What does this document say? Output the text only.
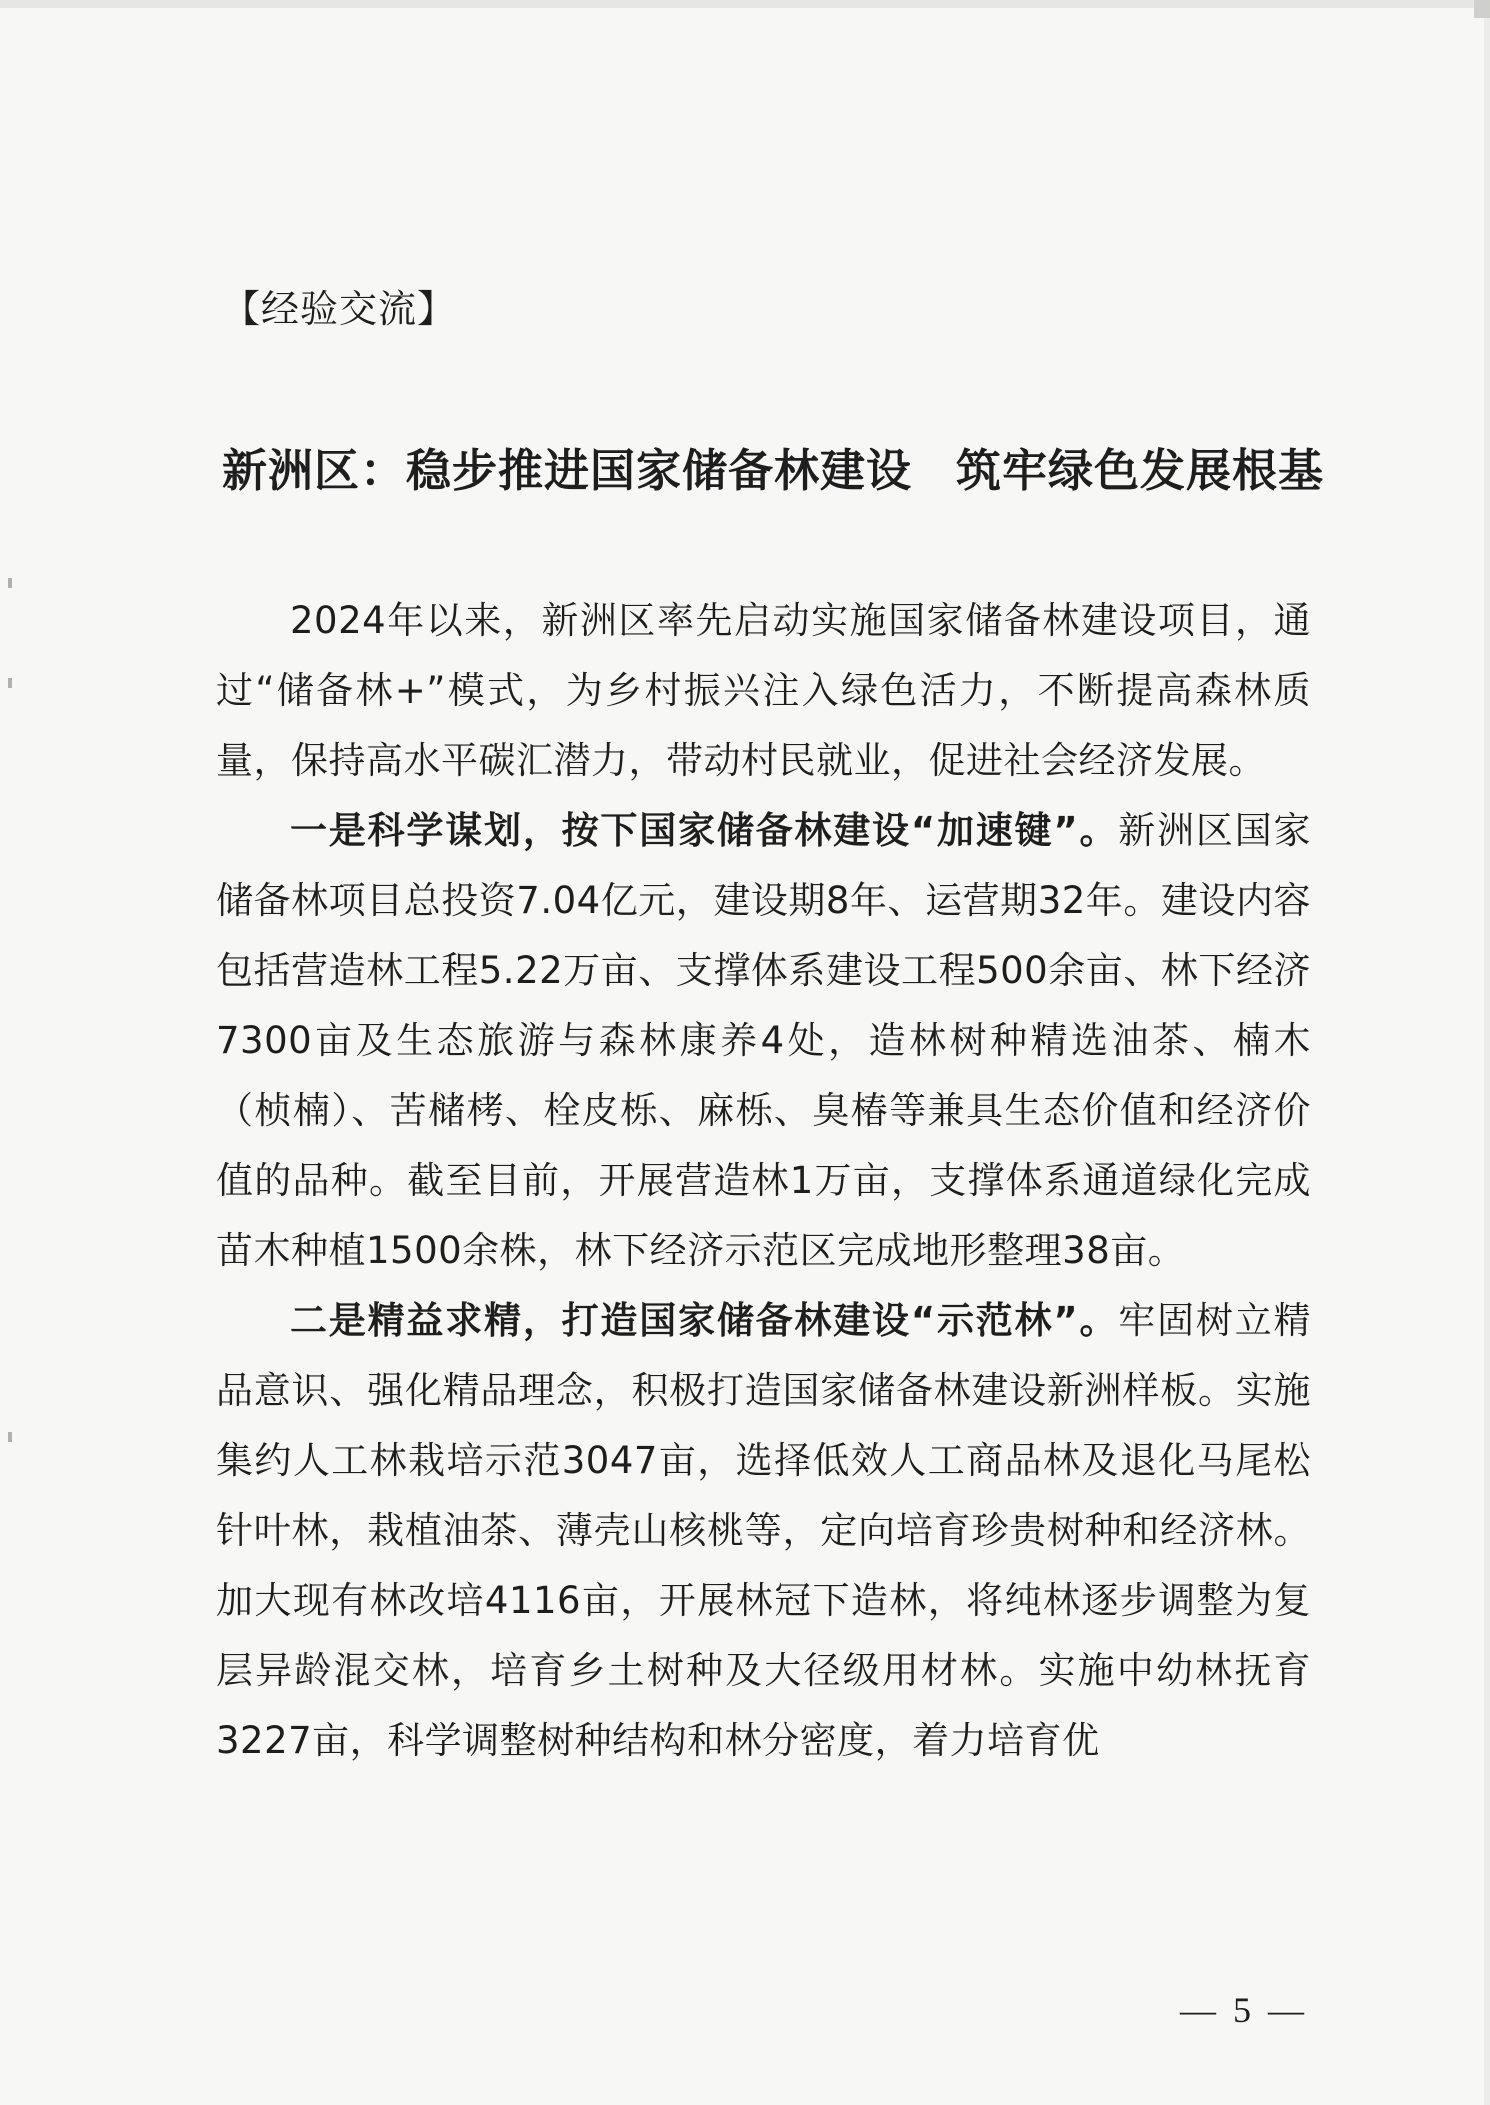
【经验交流】
新洲区：稳步推进国家储备林建设 筑牢绿色发展根基

2024年以来，新洲区率先启动实施国家储备林建设项目，通过“储备林+”模式，为乡村振兴注入绿色活力，不断提高森林质量，保持高水平碳汇潜力，带动村民就业，促进社会经济发展。

一是科学谋划，按下国家储备林建设“加速键”。新洲区国家储备林项目总投资7.04亿元，建设期8年、运营期32年。建设内容包括营造林工程5.22万亩、支撑体系建设工程500余亩、林下经济7300亩及生态旅游与森林康养4处，造林树种精选油茶、楠木（桢楠）、苦槠栲、栓皮栎、麻栎、臭椿等兼具生态价值和经济价值的品种。截至目前，开展营造林1万亩，支撑体系通道绿化完成苗木种植1500余株，林下经济示范区完成地形整理38亩。

二是精益求精，打造国家储备林建设“示范林”。牢固树立精品意识、强化精品理念，积极打造国家储备林建设新洲样板。实施集约人工林栽培示范3047亩，选择低效人工商品林及退化马尾松针叶林，栽植油茶、薄壳山核桃等，定向培育珍贵树种和经济林。加大现有林改培4116亩，开展林冠下造林，将纯林逐步调整为复层异龄混交林，培育乡土树种及大径级用材林。实施中幼林抚育3227亩，科学调整树种结构和林分密度，着力培育优

— 5 —
